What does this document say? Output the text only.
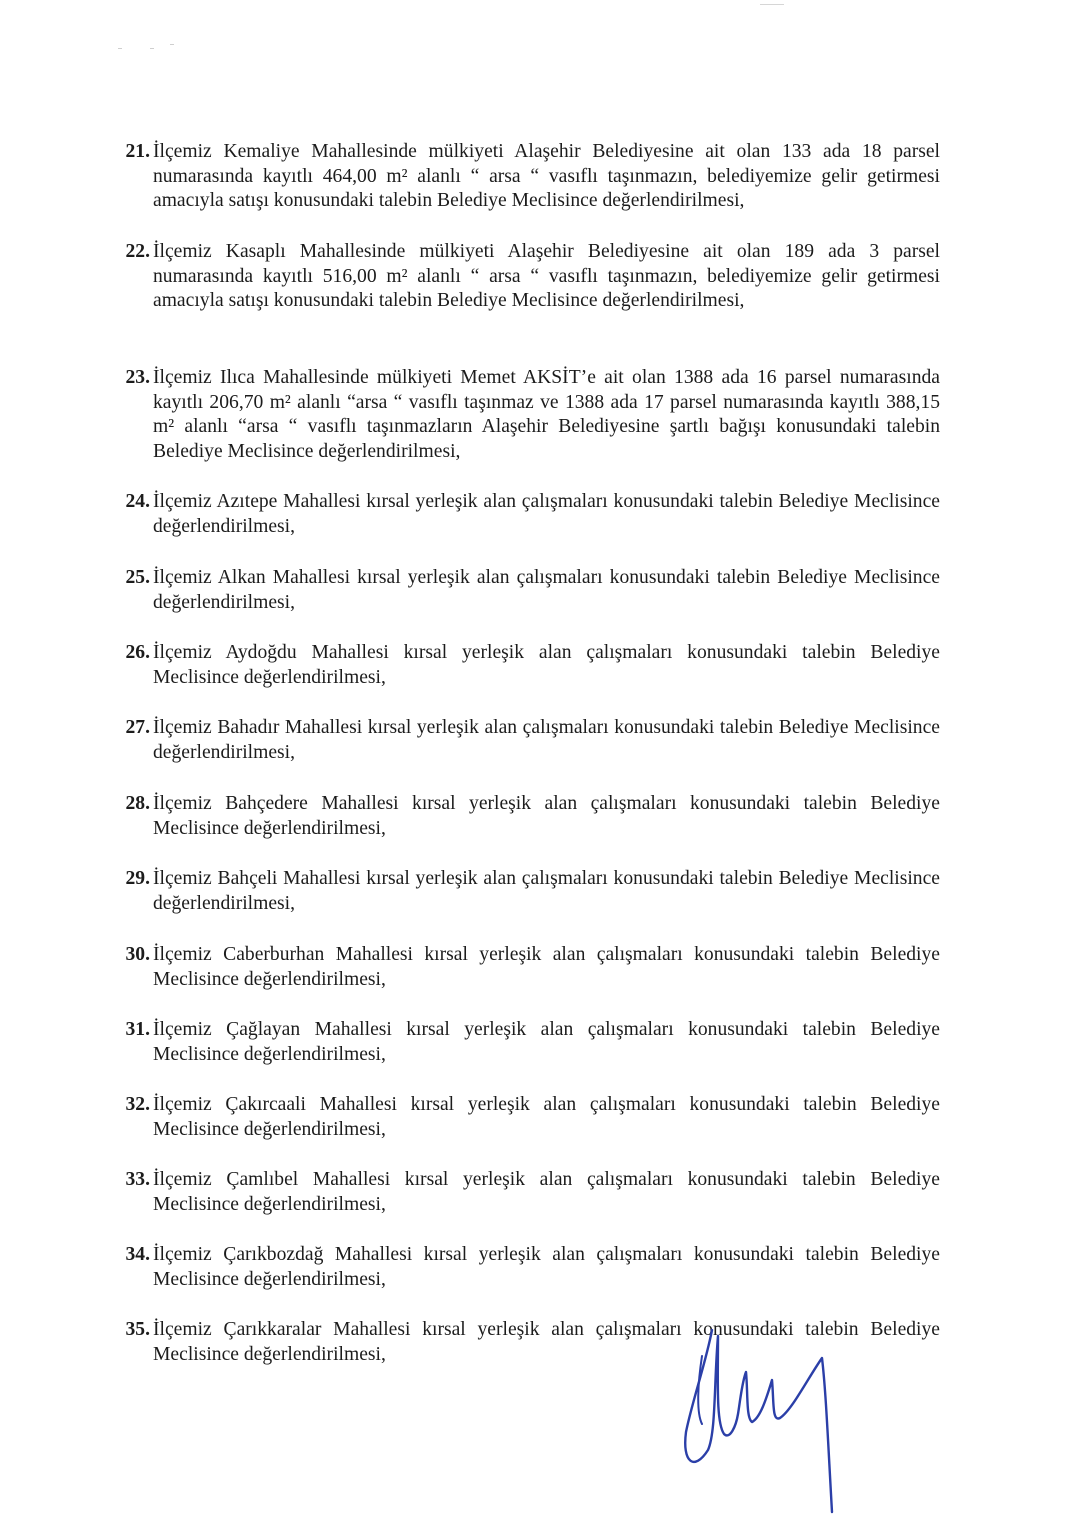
21. İlçemiz Kemaliye Mahallesinde mülkiyeti Alaşehir Belediyesine ait olan 133 ada 18 parsel numarasında kayıtlı 464,00 m² alanlı “ arsa “ vasıflı taşınmazın, belediyemize gelir getirmesi amacıyla satışı konusundaki talebin Belediye Meclisince değerlendirilmesi,
22. İlçemiz Kasaplı Mahallesinde mülkiyeti Alaşehir Belediyesine ait olan 189 ada 3 parsel numarasında kayıtlı 516,00 m² alanlı “ arsa “ vasıflı taşınmazın, belediyemize gelir getirmesi amacıyla satışı konusundaki talebin Belediye Meclisince değerlendirilmesi,
23. İlçemiz Ilıca Mahallesinde mülkiyeti Memet AKSİT’e ait olan 1388 ada 16 parsel numarasında kayıtlı 206,70 m² alanlı “arsa “ vasıflı taşınmaz ve 1388 ada 17 parsel numarasında kayıtlı 388,15 m² alanlı “arsa “ vasıflı taşınmazların Alaşehir Belediyesine şartlı bağışı konusundaki talebin Belediye Meclisince değerlendirilmesi,
24. İlçemiz Azıtepe Mahallesi kırsal yerleşik alan çalışmaları konusundaki talebin Belediye Meclisince değerlendirilmesi,
25. İlçemiz Alkan Mahallesi kırsal yerleşik alan çalışmaları konusundaki talebin Belediye Meclisince değerlendirilmesi,
26. İlçemiz Aydoğdu Mahallesi kırsal yerleşik alan çalışmaları konusundaki talebin Belediye Meclisince değerlendirilmesi,
27. İlçemiz Bahadır Mahallesi kırsal yerleşik alan çalışmaları konusundaki talebin Belediye Meclisince değerlendirilmesi,
28. İlçemiz Bahçedere Mahallesi kırsal yerleşik alan çalışmaları konusundaki talebin Belediye Meclisince değerlendirilmesi,
29. İlçemiz Bahçeli Mahallesi kırsal yerleşik alan çalışmaları konusundaki talebin Belediye Meclisince değerlendirilmesi,
30. İlçemiz Caberburhan Mahallesi kırsal yerleşik alan çalışmaları konusundaki talebin Belediye Meclisince değerlendirilmesi,
31. İlçemiz Çağlayan Mahallesi kırsal yerleşik alan çalışmaları konusundaki talebin Belediye Meclisince değerlendirilmesi,
32. İlçemiz Çakırcaali Mahallesi kırsal yerleşik alan çalışmaları konusundaki talebin Belediye Meclisince değerlendirilmesi,
33. İlçemiz Çamlıbel Mahallesi kırsal yerleşik alan çalışmaları konusundaki talebin Belediye Meclisince değerlendirilmesi,
34. İlçemiz Çarıkbozdağ Mahallesi kırsal yerleşik alan çalışmaları konusundaki talebin Belediye Meclisince değerlendirilmesi,
35. İlçemiz Çarıkkaralar Mahallesi kırsal yerleşik alan çalışmaları konusundaki talebin Belediye Meclisince değerlendirilmesi,
